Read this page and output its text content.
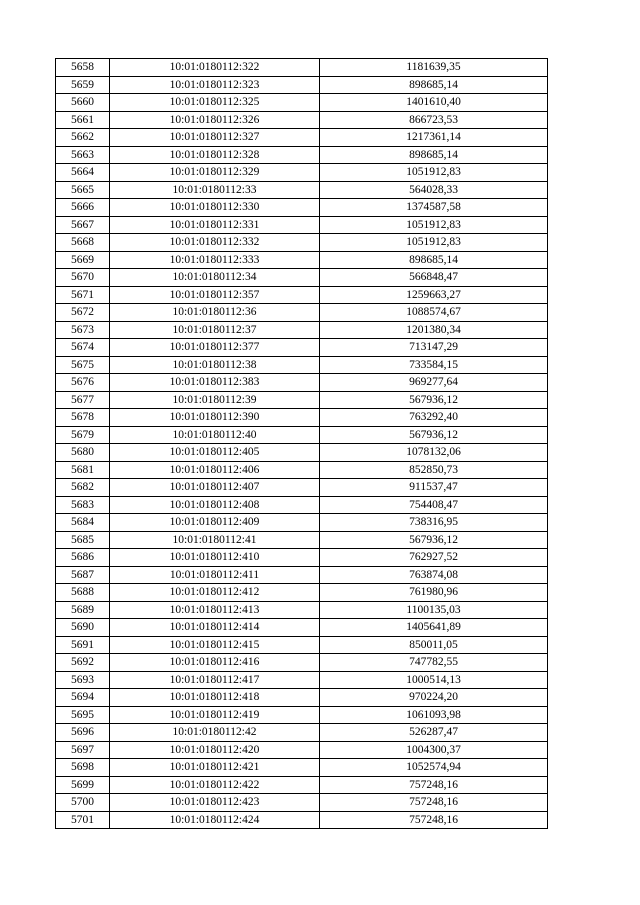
5658	10:01:0180112:322	1181639,35
5659	10:01:0180112:323	898685,14
5660	10:01:0180112:325	1401610,40
5661	10:01:0180112:326	866723,53
5662	10:01:0180112:327	1217361,14
5663	10:01:0180112:328	898685,14
5664	10:01:0180112:329	1051912,83
5665	10:01:0180112:33	564028,33
5666	10:01:0180112:330	1374587,58
5667	10:01:0180112:331	1051912,83
5668	10:01:0180112:332	1051912,83
5669	10:01:0180112:333	898685,14
5670	10:01:0180112:34	566848,47
5671	10:01:0180112:357	1259663,27
5672	10:01:0180112:36	1088574,67
5673	10:01:0180112:37	1201380,34
5674	10:01:0180112:377	713147,29
5675	10:01:0180112:38	733584,15
5676	10:01:0180112:383	969277,64
5677	10:01:0180112:39	567936,12
5678	10:01:0180112:390	763292,40
5679	10:01:0180112:40	567936,12
5680	10:01:0180112:405	1078132,06
5681	10:01:0180112:406	852850,73
5682	10:01:0180112:407	911537,47
5683	10:01:0180112:408	754408,47
5684	10:01:0180112:409	738316,95
5685	10:01:0180112:41	567936,12
5686	10:01:0180112:410	762927,52
5687	10:01:0180112:411	763874,08
5688	10:01:0180112:412	761980,96
5689	10:01:0180112:413	1100135,03
5690	10:01:0180112:414	1405641,89
5691	10:01:0180112:415	850011,05
5692	10:01:0180112:416	747782,55
5693	10:01:0180112:417	1000514,13
5694	10:01:0180112:418	970224,20
5695	10:01:0180112:419	1061093,98
5696	10:01:0180112:42	526287,47
5697	10:01:0180112:420	1004300,37
5698	10:01:0180112:421	1052574,94
5699	10:01:0180112:422	757248,16
5700	10:01:0180112:423	757248,16
5701	10:01:0180112:424	757248,16
